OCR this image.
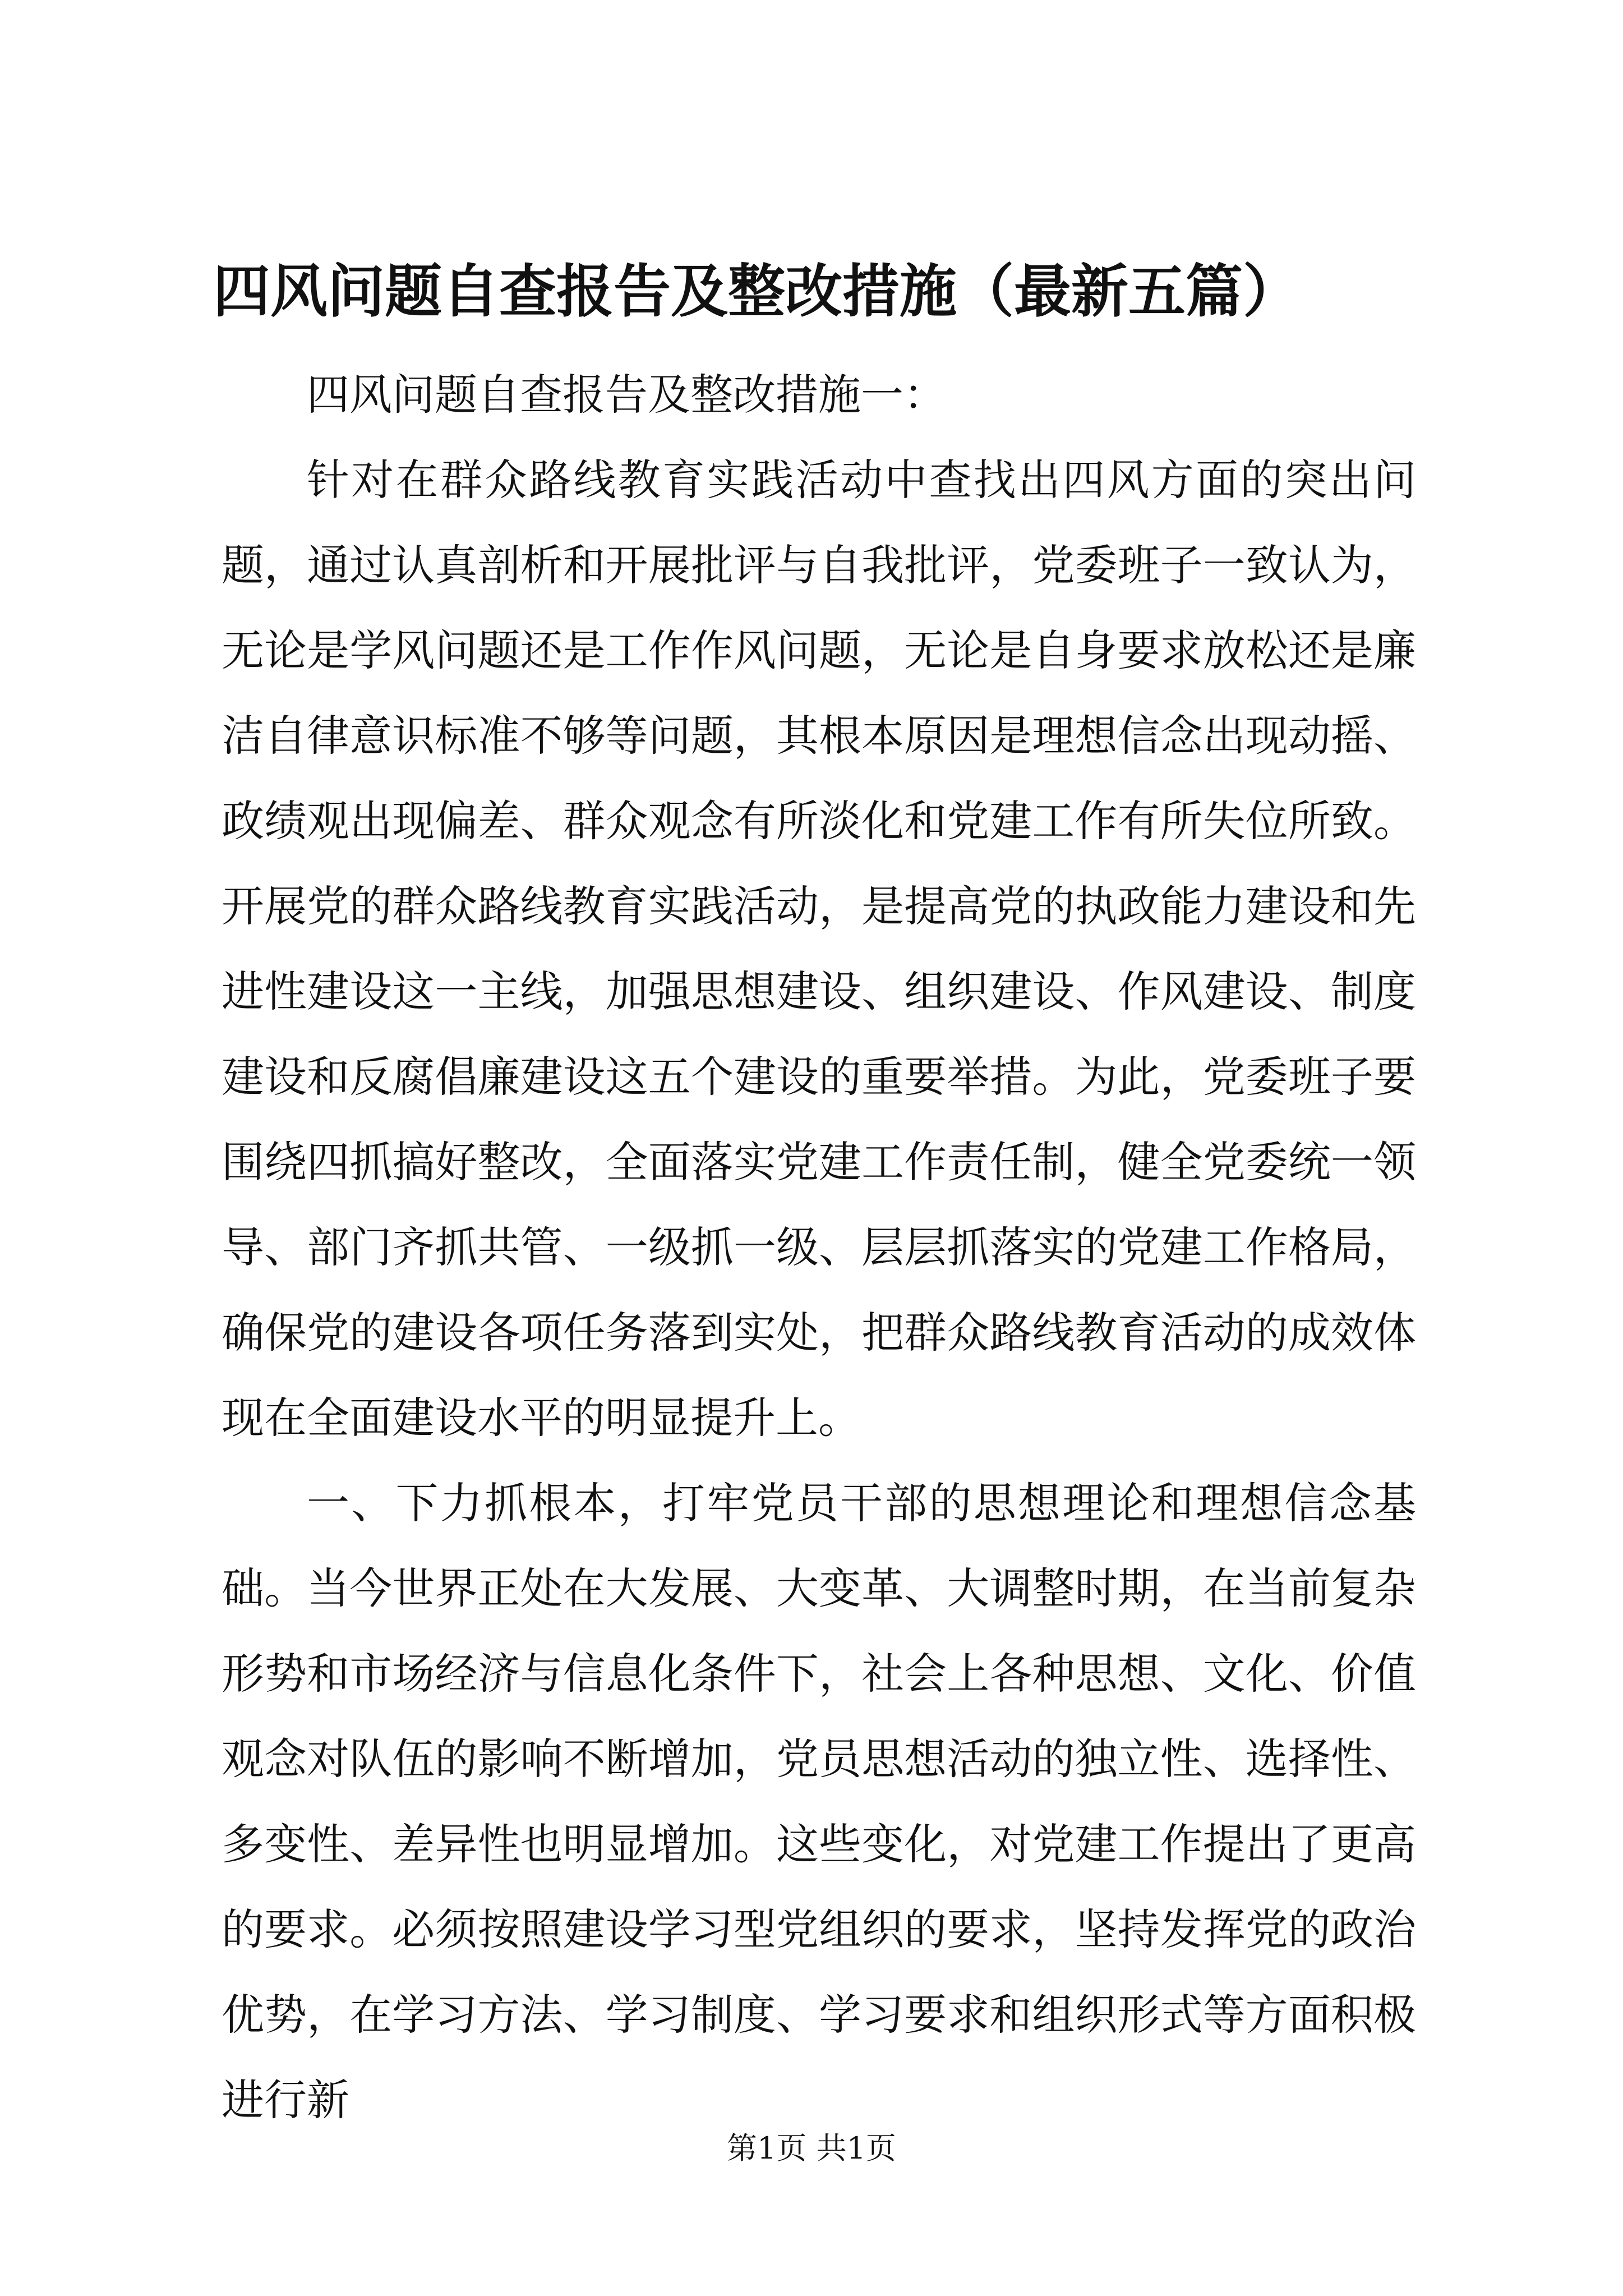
四风问题自查报告及整改措施（最新五篇）

四风问题自查报告及整改措施一：

针对在群众路线教育实践活动中查找出四风方面的突出问题，通过认真剖析和开展批评与自我批评，党委班子一致认为，无论是学风问题还是工作作风问题，无论是自身要求放松还是廉洁自律意识标准不够等问题，其根本原因是理想信念出现动摇、政绩观出现偏差、群众观念有所淡化和党建工作有所失位所致。开展党的群众路线教育实践活动，是提高党的执政能力建设和先进性建设这一主线，加强思想建设、组织建设、作风建设、制度建设和反腐倡廉建设这五个建设的重要举措。为此，党委班子要围绕四抓搞好整改，全面落实党建工作责任制，健全党委统一领导、部门齐抓共管、一级抓一级、层层抓落实的党建工作格局，确保党的建设各项任务落到实处，把群众路线教育活动的成效体现在全面建设水平的明显提升上。

一、下力抓根本，打牢党员干部的思想理论和理想信念基础。当今世界正处在大发展、大变革、大调整时期，在当前复杂形势和市场经济与信息化条件下，社会上各种思想、文化、价值观念对队伍的影响不断增加，党员思想活动的独立性、选择性、多变性、差异性也明显增加。这些变化，对党建工作提出了更高的要求。必须按照建设学习型党组织的要求，坚持发挥党的政治优势，在学习方法、学习制度、学习要求和组织形式等方面积极进行新

第1页 共1页
